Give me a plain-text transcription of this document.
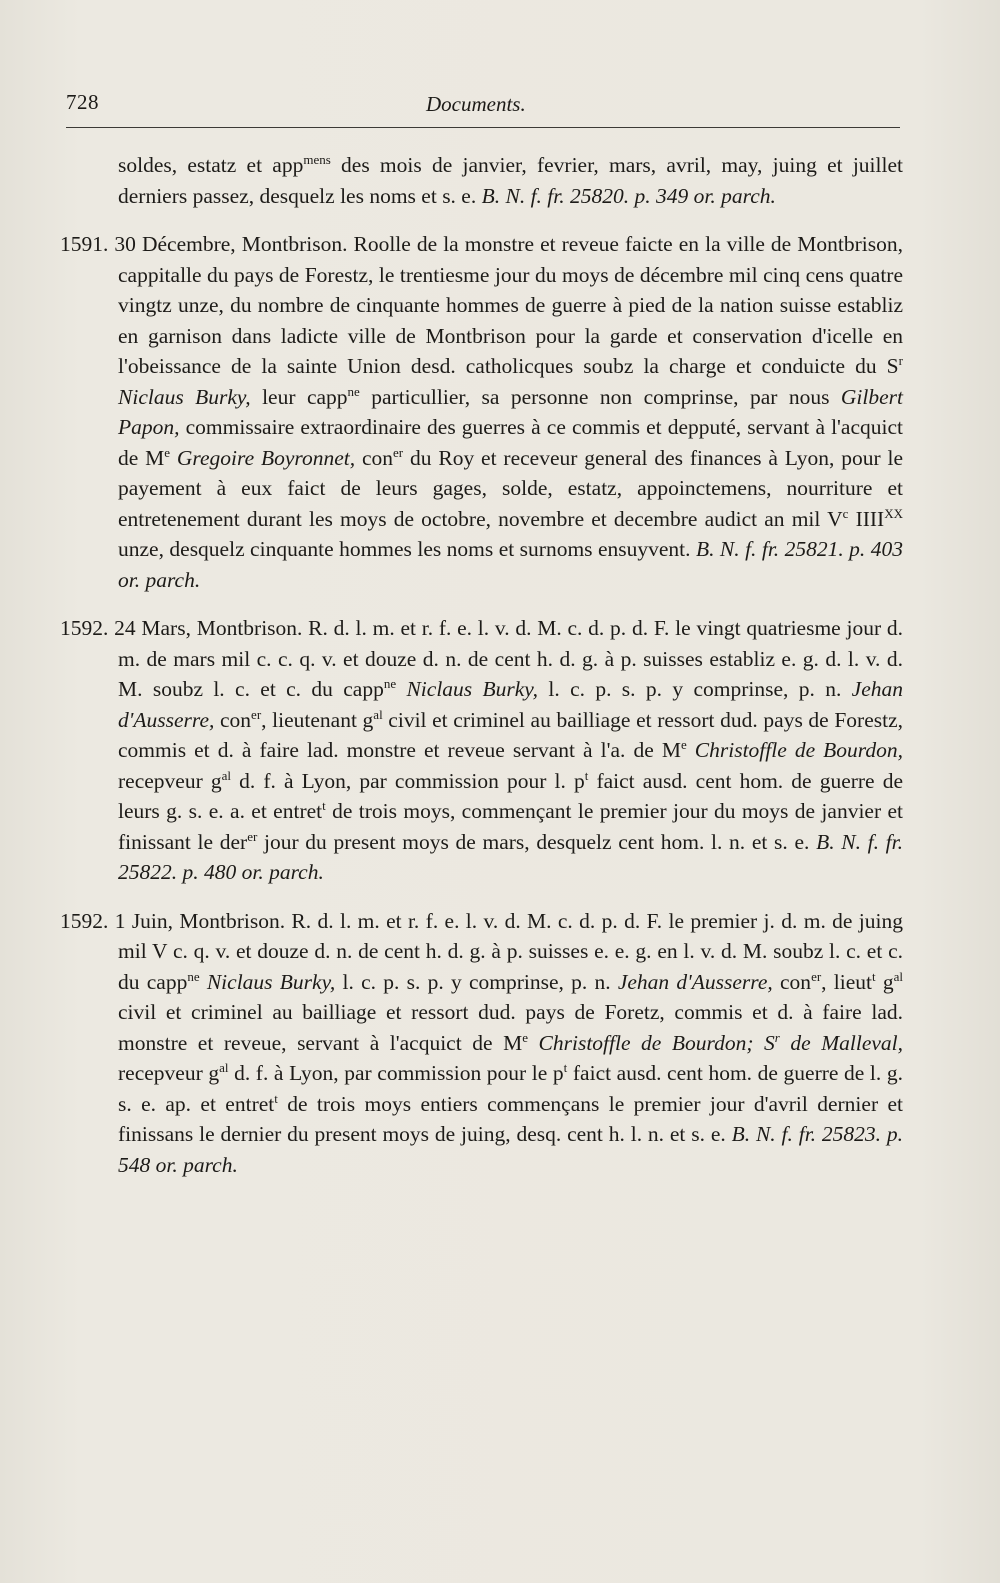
728	Documents.

soldes, estatz et app$^{mens}$ des mois de janvier, fevrier, mars, avril, may, juing et juillet derniers passez, desquelz les noms et s. e. B. N. f. fr. 25820. p. 349 or. parch.

1591. 30 Décembre, Montbrison. Roolle de la monstre et reveue faicte en la ville de Montbrison, cappitalle du pays de Forestz, le trentiesme jour du moys de décembre mil cinq cens quatre vingtz unze, du nombre de cinquante hommes de guerre à pied de la nation suisse establiz en garnison dans ladicte ville de Montbrison pour la garde et conservation d'icelle en l'obeissance de la sainte Union desd. catholicques soubz la charge et conduicte du $S^r$ Niclaus Burky, leur capp$^{ne}$ particullier, sa personne non comprinse, par nous Gilbert Papon, commissaire extraordinaire des guerres à ce commis et depputé, servant à l'acquict de Me Gregoire Boyronnet, con$^{er}$ du Roy et receveur general des finances à Lyon, pour le payement à eux faict de leurs gages, solde, estatz, appoinctemens, nourriture et entretenement durant les moys de octobre, novembre et decembre audict an mil $V^c$ $IIII^{XX}$ unze, desquelz cinquante hommes les noms et surnoms ensuyvent. B. N. f. fr. 25821. p. 403 or. parch.

1592. 24 Mars, Montbrison. R. d. l. m. et r. f. e. l. v. d. M. c. d. p. d. F. le vingt quatriesme jour d. m. de mars mil c. c. q. v. et douze d. n. de cent h. d. g. à p. suisses establiz e. g. d. l. v. d. M. soubz l. c. et c. du capp$^{ne}$ Niclaus Burky, l. c. p. s. p. y comprinse, p. n. Jehan d'Ausserre, con$^{er}$, lieutenant $g^{al}$ civil et criminel au bailliage et ressort dud. pays de Forestz, commis et d. à faire lad. monstre et reveue servant à l'a. de Me Christoffle de Bourdon, recepveur $g^{al}$ d. f. à Lyon, par commission pour l. $p^t$ faict ausd. cent hom. de guerre de leurs g. s. e. a. et entret$^t$ de trois moys, commençant le premier jour du moys de janvier et finissant le der$^{er}$ jour du present moys de mars, desquelz cent hom. l. n. et s. e. B. N. f. fr. 25822. p. 480 or. parch.

1592. 1 Juin, Montbrison. R. d. l. m. et r. f. e. l. v. d. M. c. d. p. d. F. le premier j. d. m. de juing mil V c. q. v. et douze d. n. de cent h. d. g. à p. suisses e. e. g. en l. v. d. M. soubz l. c. et c. du capp$^{ne}$ Niclaus Burky, l. c. p. s. p. y comprinse, p. n. Jehan d'Ausserre, con$^{er}$, lieut$^t$ $g^{al}$ civil et criminel au bailliage et ressort dud. pays de Foretz, commis et d. à faire lad. monstre et reveue, servant à l'acquict de Me Christoffle de Bourdon; $S^r$ de Malleval, recepveur $g^{al}$ d. f. à Lyon, par commission pour le $p^t$ faict ausd. cent hom. de guerre de l. g. s. e. ap. et entret$^t$ de trois moys entiers commençans le premier jour d'avril dernier et finissans le dernier du present moys de juing, desq. cent h. l. n. et s. e. B. N. f. fr. 25823. p. 548 or. parch.
